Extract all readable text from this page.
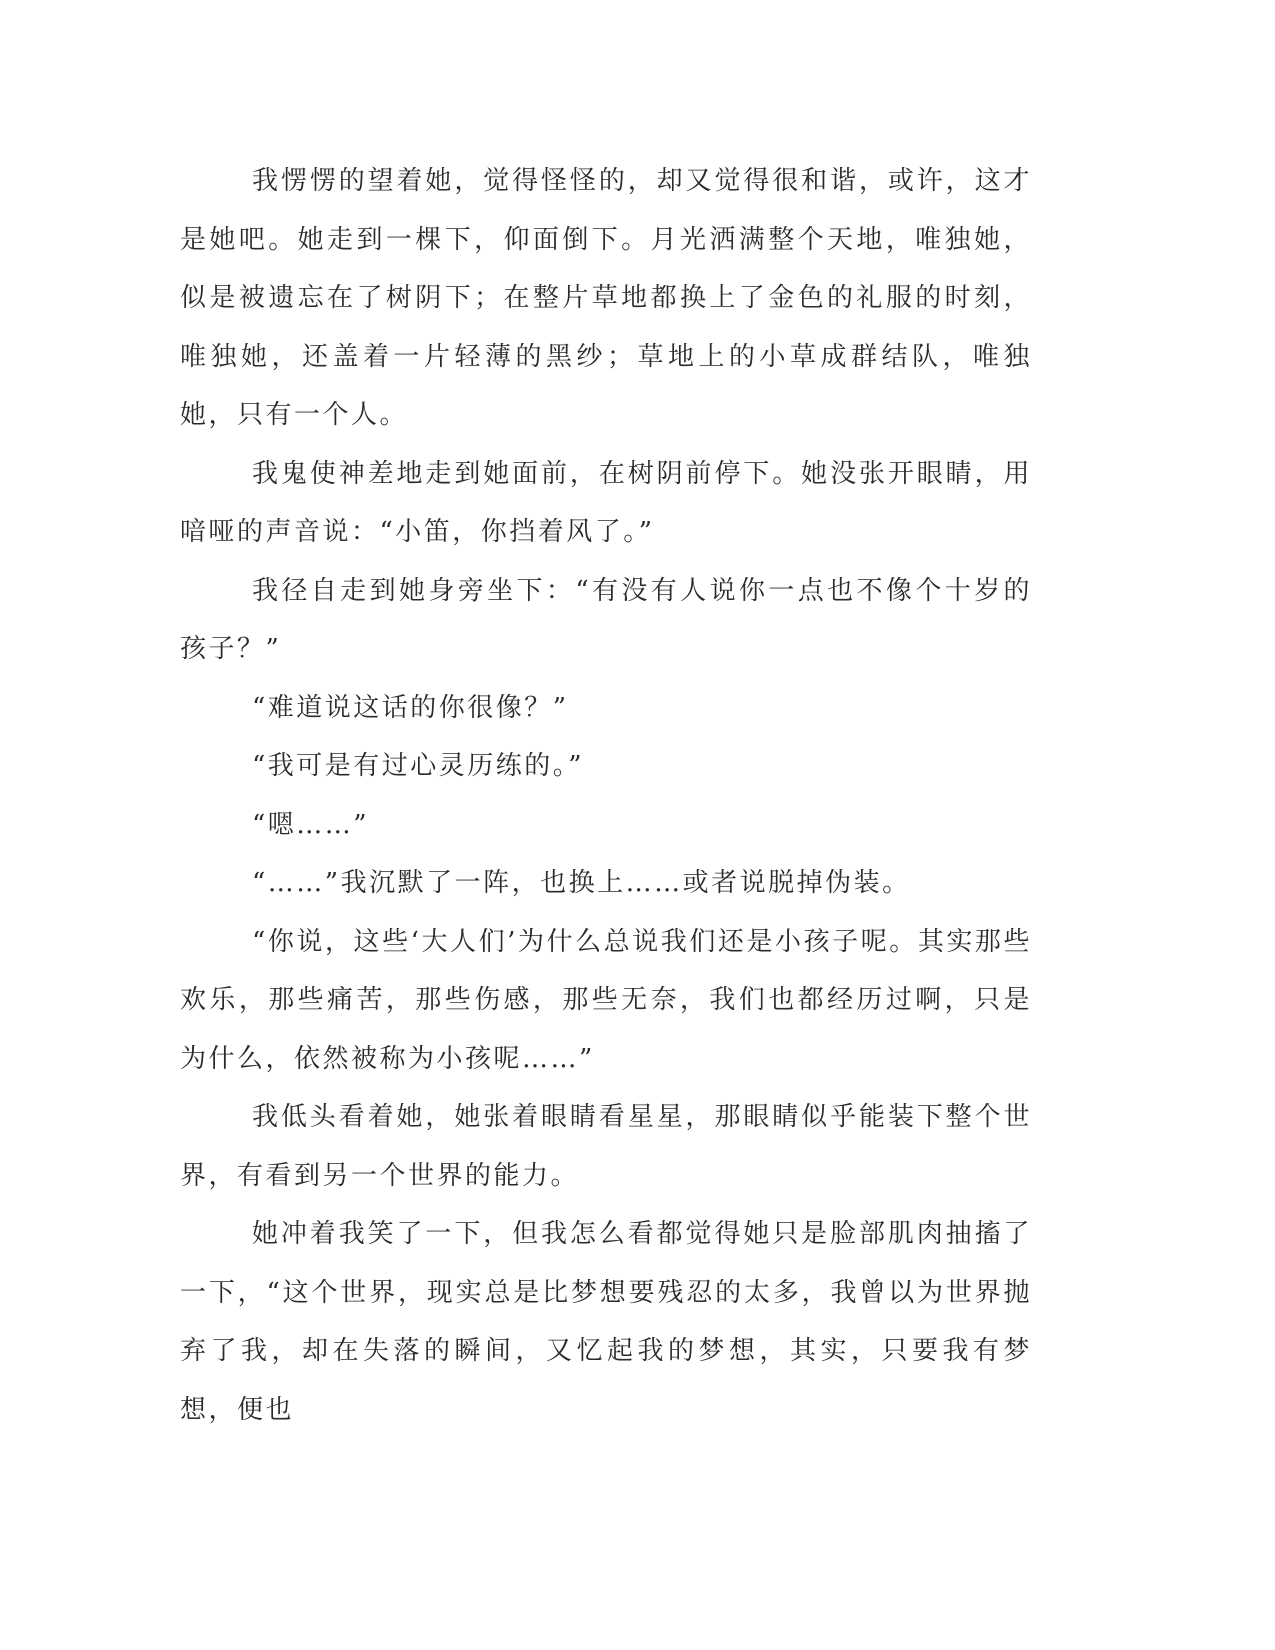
我愣愣的望着她，觉得怪怪的，却又觉得很和谐，或许，这才是她吧。她走到一棵下，仰面倒下。月光洒满整个天地，唯独她，似是被遗忘在了树阴下；在整片草地都换上了金色的礼服的时刻，唯独她，还盖着一片轻薄的黑纱；草地上的小草成群结队，唯独她，只有一个人。

我鬼使神差地走到她面前，在树阴前停下。她没张开眼睛，用喑哑的声音说：“小笛，你挡着风了。”

我径自走到她身旁坐下：“有没有人说你一点也不像个十岁的孩子？”

“难道说这话的你很像？”

“我可是有过心灵历练的。”

“嗯……”

“……”我沉默了一阵，也换上……或者说脱掉伪装。

“你说，这些‘大人们’为什么总说我们还是小孩子呢。其实那些欢乐，那些痛苦，那些伤感，那些无奈，我们也都经历过啊，只是为什么，依然被称为小孩呢……”

我低头看着她，她张着眼睛看星星，那眼睛似乎能装下整个世界，有看到另一个世界的能力。

她冲着我笑了一下，但我怎么看都觉得她只是脸部肌肉抽搐了一下，“这个世界，现实总是比梦想要残忍的太多，我曾以为世界抛弃了我，却在失落的瞬间，又忆起我的梦想，其实，只要我有梦想，便也
